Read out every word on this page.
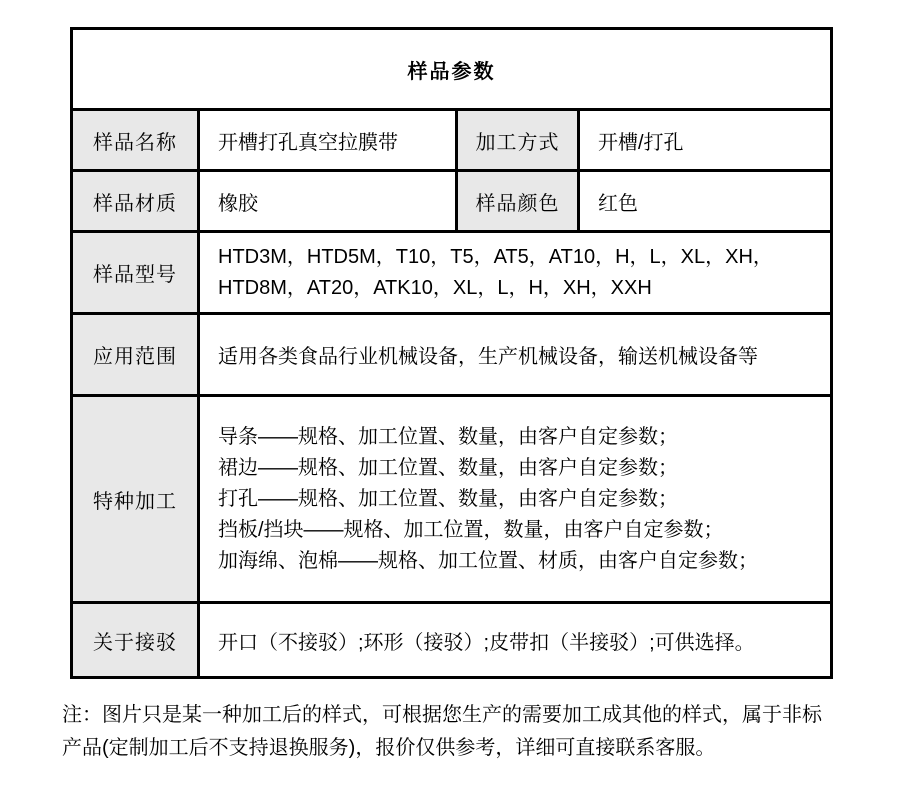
样品参数			
样品名称	开槽打孔真空拉膜带	加工方式	开槽/打孔
样品材质	橡胶	样品颜色	红色
样品型号	HTD3M，HTD5M，T10，T5，AT5，AT10，H，L，XL，XH，
HTD8M，AT20，ATK10，XL，L，H，XH，XXH		

应用范围	适用各类食品行业机械设备，生产机械设备，输送机械设备等		
特种加工	导条——规格、加工位置、数量，由客户自定参数；
裙边——规格、加工位置、数量，由客户自定参数；
打孔——规格、加工位置、数量，由客户自定参数；
挡板/挡块——规格、加工位置，数量，由客户自定参数；
加海绵、泡棉——规格、加工位置、材质，由客户自定参数；		

关于接驳	开口（不接驳）;环形（接驳）;皮带扣（半接驳）;可供选择。		
注：图片只是某一种加工后的样式，可根据您生产的需要加工成其他的样式，属于非标产品(定制加工后不支持退换服务)，报价仅供参考，详细可直接联系客服。
